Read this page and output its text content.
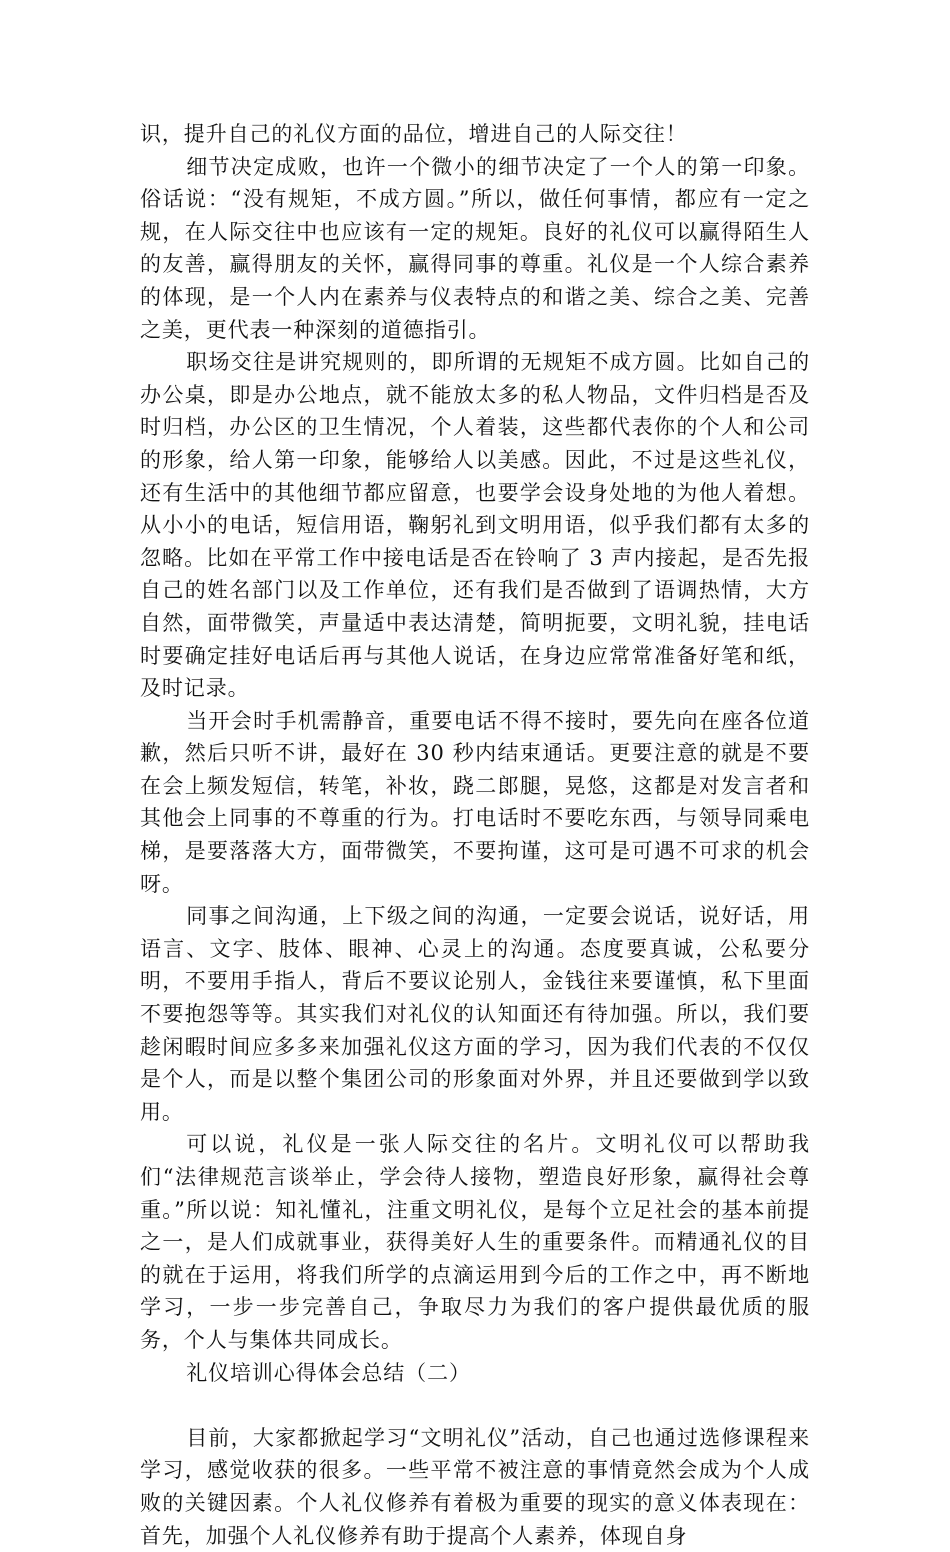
识，提升自己的礼仪方面的品位，增进自己的人际交往！

细节决定成败，也许一个微小的细节决定了一个人的第一印象。俗话说：“没有规矩，不成方圆。”所以，做任何事情，都应有一定之规，在人际交往中也应该有一定的规矩。良好的礼仪可以赢得陌生人的友善，赢得朋友的关怀，赢得同事的尊重。礼仪是一个人综合素养的体现，是一个人内在素养与仪表特点的和谐之美、综合之美、完善之美，更代表一种深刻的道德指引。

职场交往是讲究规则的，即所谓的无规矩不成方圆。比如自己的办公桌，即是办公地点，就不能放太多的私人物品，文件归档是否及时归档，办公区的卫生情况，个人着装，这些都代表你的个人和公司的形象，给人第一印象，能够给人以美感。因此，不过是这些礼仪，还有生活中的其他细节都应留意，也要学会设身处地的为他人着想。从小小的电话，短信用语，鞠躬礼到文明用语，似乎我们都有太多的忽略。比如在平常工作中接电话是否在铃响了 3 声内接起，是否先报自己的姓名部门以及工作单位，还有我们是否做到了语调热情，大方自然，面带微笑，声量适中表达清楚，简明扼要，文明礼貌，挂电话时要确定挂好电话后再与其他人说话，在身边应常常准备好笔和纸，及时记录。

当开会时手机需静音，重要电话不得不接时，要先向在座各位道歉，然后只听不讲，最好在 30 秒内结束通话。更要注意的就是不要在会上频发短信，转笔，补妆，跷二郎腿，晃悠，这都是对发言者和其他会上同事的不尊重的行为。打电话时不要吃东西，与领导同乘电梯，是要落落大方，面带微笑，不要拘谨，这可是可遇不可求的机会呀。

同事之间沟通，上下级之间的沟通，一定要会说话，说好话，用语言、文字、肢体、眼神、心灵上的沟通。态度要真诚，公私要分明，不要用手指人，背后不要议论别人，金钱往来要谨慎，私下里面不要抱怨等等。其实我们对礼仪的认知面还有待加强。所以，我们要趁闲暇时间应多多来加强礼仪这方面的学习，因为我们代表的不仅仅是个人，而是以整个集团公司的形象面对外界，并且还要做到学以致用。

可以说，礼仪是一张人际交往的名片。文明礼仪可以帮助我们“法律规范言谈举止，学会待人接物，塑造良好形象，赢得社会尊重。”所以说：知礼懂礼，注重文明礼仪，是每个立足社会的基本前提之一，是人们成就事业，获得美好人生的重要条件。而精通礼仪的目的就在于运用，将我们所学的点滴运用到今后的工作之中，再不断地学习，一步一步完善自己，争取尽力为我们的客户提供最优质的服务，个人与集体共同成长。

礼仪培训心得体会总结（二）

目前，大家都掀起学习“文明礼仪”活动，自己也通过选修课程来学习，感觉收获的很多。一些平常不被注意的事情竟然会成为个人成败的关键因素。个人礼仪修养有着极为重要的现实的意义体表现在：首先，加强个人礼仪修养有助于提高个人素养，体现自身
